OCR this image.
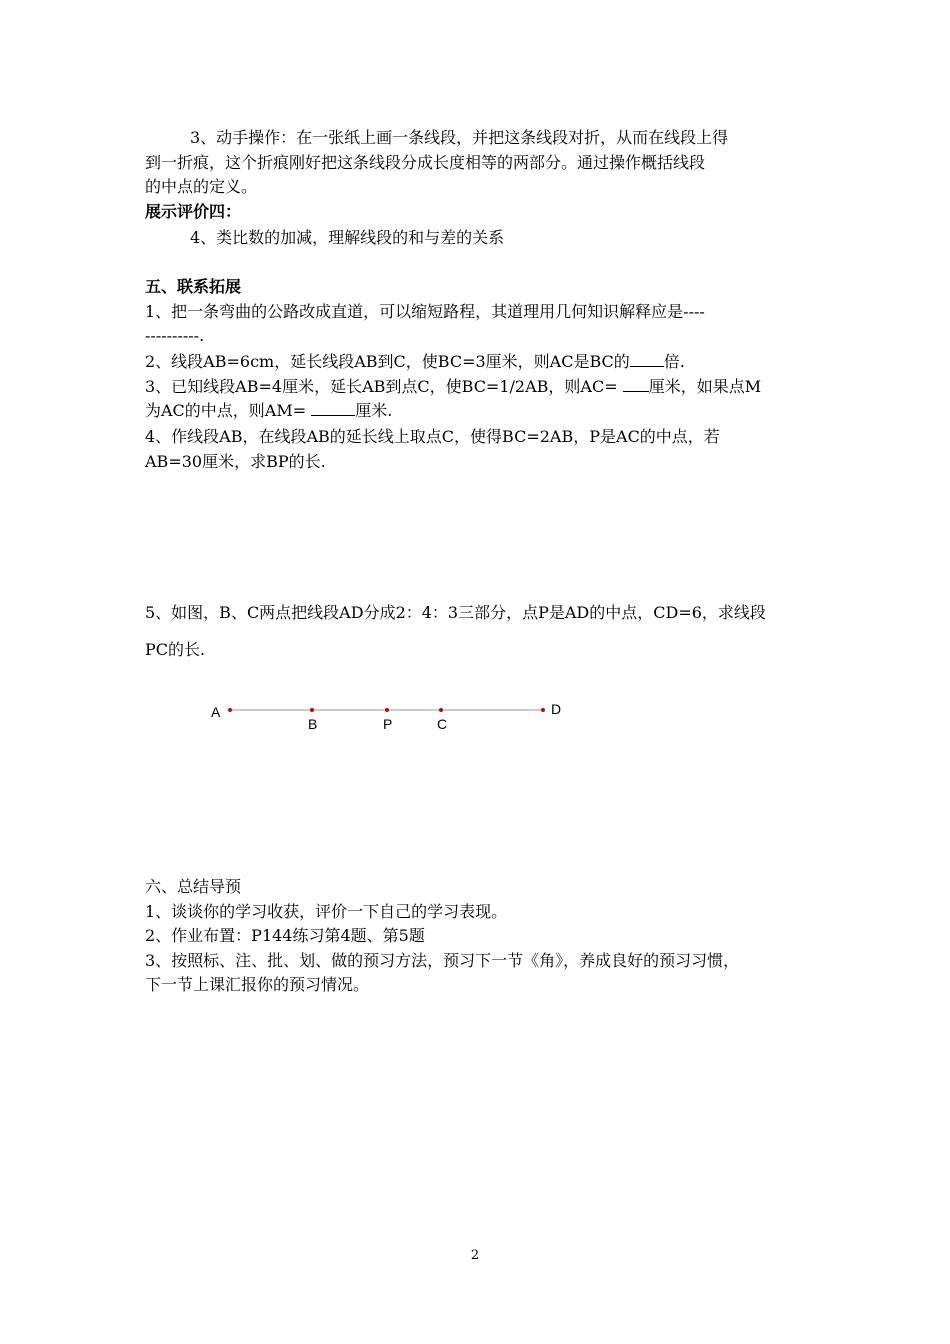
3、动手操作：在一张纸上画一条线段，并把这条线段对折，从而在线段上得
到一折痕，这个折痕刚好把这条线段分成长度相等的两部分。通过操作概括线段
的中点的定义。
展示评价四：
4、类比数的加减，理解线段的和与差的关系
五、联系拓展
1、把一条弯曲的公路改成直道，可以缩短路程，其道理用几何知识解释应是----
----------.
2、线段AB=6cm，延长线段AB到C，使BC=3厘米，则AC是BC的 倍.
3、已知线段AB=4厘米，延长AB到点C，使BC=1/2AB，则AC= 厘米，如果点M
为AC的中点，则AM=	厘米.
4、作线段AB，在线段AB的延长线上取点C，使得BC=2AB，P是AC的中点，若
AB=30厘米，求BP的长.
5、如图，B、C两点把线段AD分成2：4：3三部分，点P是AD的中点，CD=6，求线段
PC的长.
A
B	P	C
D
六、总结导预
1、谈谈你的学习收获，评价一下自己的学习表现。
2、作业布置：P144练习第4题、第5题
3、按照标、注、批、划、做的预习方法，预习下一节《角》，养成良好的预习习惯，
下一节上课汇报你的预习情况。
2
